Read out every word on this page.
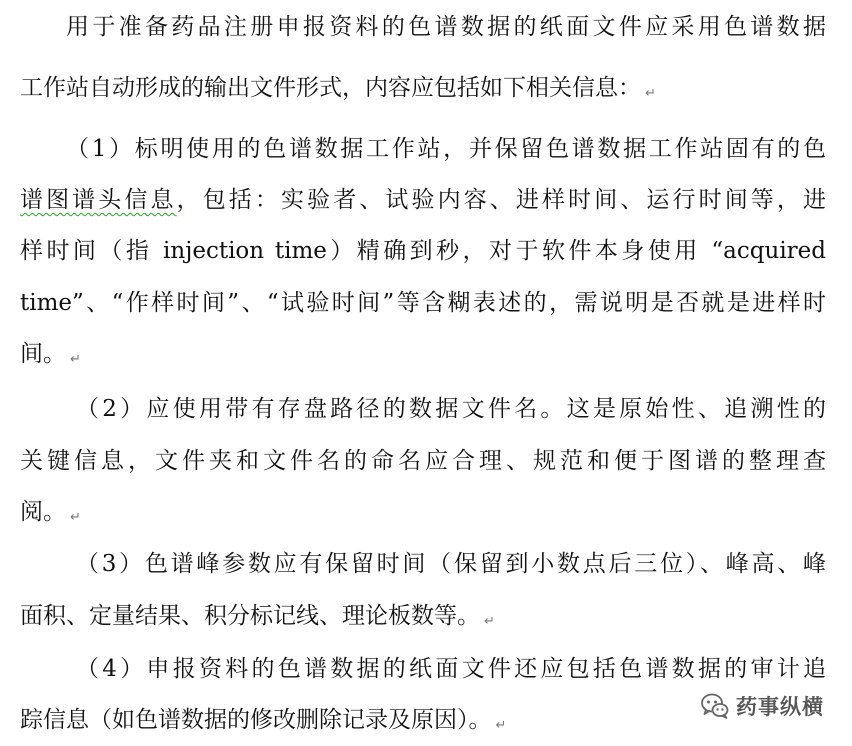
用于准备药品注册申报资料的色谱数据的纸面文件应采用色谱数据
工作站自动形成的输出文件形式，内容应包括如下相关信息： ↵
（1）标明使用的色谱数据工作站，并保留色谱数据工作站固有的色
谱图谱头信息，包括：实验者、试验内容、进样时间、运行时间等，进
样时间（指 injection time）精确到秒，对于软件本身使用 “acquired
time”、“作样时间”、“试验时间”等含糊表述的，需说明是否就是进样时
间。 ↵
（2）应使用带有存盘路径的数据文件名。这是原始性、追溯性的
关键信息，文件夹和文件名的命名应合理、规范和便于图谱的整理查
阅。 ↵
（3）色谱峰参数应有保留时间（保留到小数点后三位）、峰高、峰
面积、定量结果、积分标记线、理论板数等。 ↵
（4）申报资料的色谱数据的纸面文件还应包括色谱数据的审计追
踪信息（如色谱数据的修改删除记录及原因）。 ↵
药事纵横
